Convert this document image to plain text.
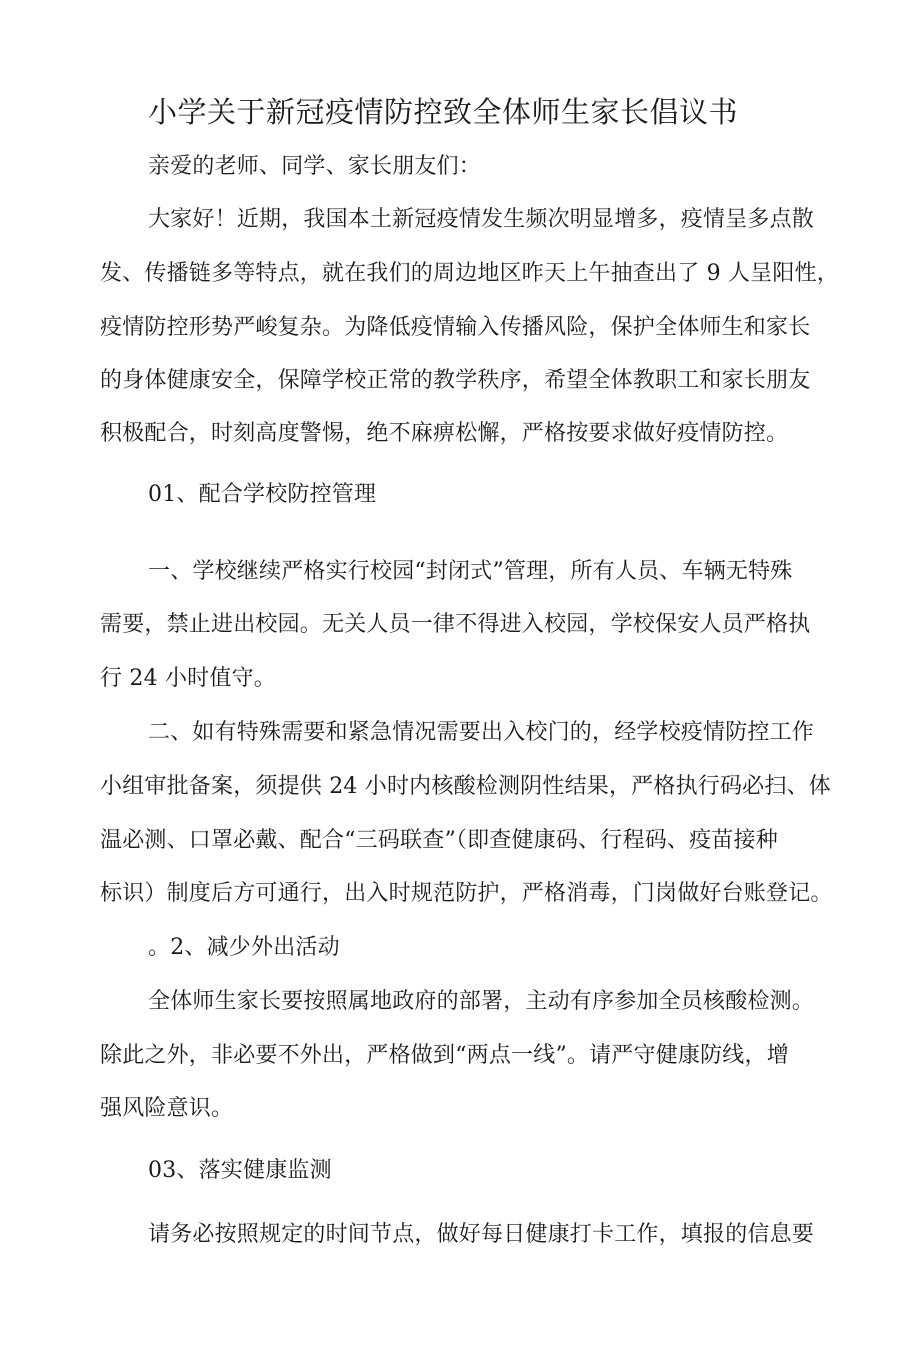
小学关于新冠疫情防控致全体师生家长倡议书
亲爱的老师、同学、家长朋友们：
大家好！近期，我国本土新冠疫情发生频次明显增多，疫情呈多点散
发、传播链多等特点，就在我们的周边地区昨天上午抽查出了 9 人呈阳性，
疫情防控形势严峻复杂。为降低疫情输入传播风险，保护全体师生和家长
的身体健康安全，保障学校正常的教学秩序，希望全体教职工和家长朋友
积极配合，时刻高度警惕，绝不麻痹松懈，严格按要求做好疫情防控。
01、配合学校防控管理
一、学校继续严格实行校园“封闭式”管理，所有人员、车辆无特殊
需要，禁止进出校园。无关人员一律不得进入校园，学校保安人员严格执
行 24 小时值守。
二、如有特殊需要和紧急情况需要出入校门的，经学校疫情防控工作
小组审批备案，须提供 24 小时内核酸检测阴性结果，严格执行码必扫、体
温必测、口罩必戴、配合“三码联查”（即查健康码、行程码、疫苗接种
标识）制度后方可通行，出入时规范防护，严格消毒，门岗做好台账登记。
。2、减少外出活动
全体师生家长要按照属地政府的部署，主动有序参加全员核酸检测。
除此之外，非必要不外出，严格做到“两点一线”。请严守健康防线，增
强风险意识。
03、落实健康监测
请务必按照规定的时间节点，做好每日健康打卡工作，填报的信息要
